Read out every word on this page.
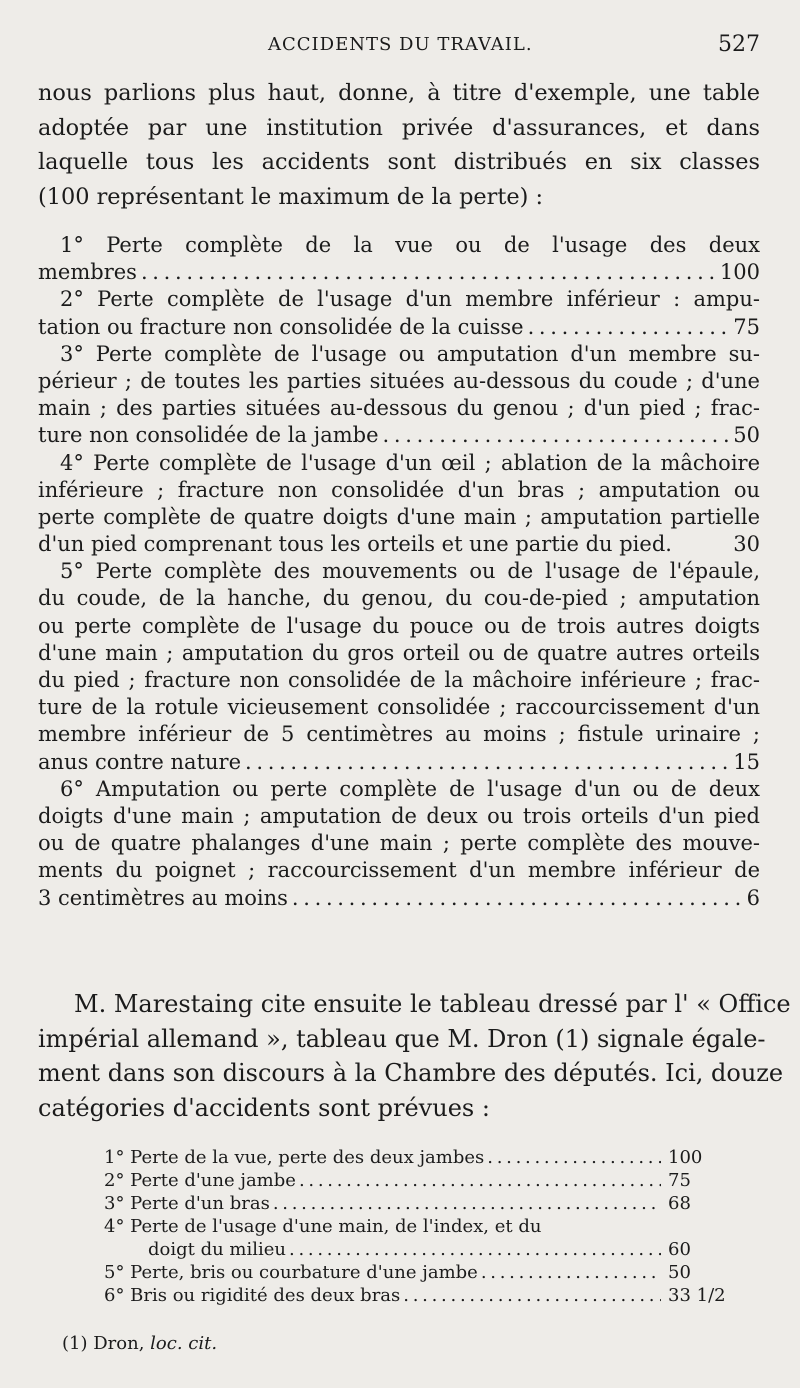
ACCIDENTS DU TRAVAIL.	527
nous parlions plus haut, donne, à titre d'exemple, une table
adoptée par une institution privée d'assurances, et dans
laquelle tous les accidents sont distribués en six classes
(100 représentant le maximum de la perte) :
1° Perte complète de la vue ou de l'usage des deux
membres . . .	100
2° Perte complète de l'usage d'un membre inférieur : ampu-
tation ou fracture non consolidée de la cuisse . . .	75
3° Perte complète de l'usage ou amputation d'un membre su-
périeur ; de toutes les parties situées au-dessous du coude ; d'une
main ; des parties situées au-dessous du genou ; d'un pied ; frac-
ture non consolidée de la jambe . . .	50
4° Perte complète de l'usage d'un œil ; ablation de la mâchoire
inférieure ; fracture non consolidée d'un bras ; amputation ou
perte complète de quatre doigts d'une main ; amputation partielle
d'un pied comprenant tous les orteils et une partie du pied.	30
5° Perte complète des mouvements ou de l'usage de l'épaule,
du coude, de la hanche, du genou, du cou-de-pied ; amputation
ou perte complète de l'usage du pouce ou de trois autres doigts
d'une main ; amputation du gros orteil ou de quatre autres orteils
du pied ; fracture non consolidée de la mâchoire inférieure ; frac-
ture de la rotule vicieusement consolidée ; raccourcissement d'un
membre inférieur de 5 centimètres au moins ; fistule urinaire ;
anus contre nature . . .	15
6° Amputation ou perte complète de l'usage d'un ou de deux
doigts d'une main ; amputation de deux ou trois orteils d'un pied
ou de quatre phalanges d'une main ; perte complète des mouve-
ments du poignet ; raccourcissement d'un membre inférieur de
3 centimètres au moins . . .	6
M. Marestaing cite ensuite le tableau dressé par l' « Office
impérial allemand », tableau que M. Dron (1) signale égale-
ment dans son discours à la Chambre des députés. Ici, douze
catégories d'accidents sont prévues :
1° Perte de la vue, perte des deux jambes . . .	100
2° Perte d'une jambe . . .	75
3° Perte d'un bras . . .	68
4° Perte de l'usage d'une main, de l'index, et du
doigt du milieu . . .	60
5° Perte, bris ou courbature d'une jambe . . .	50
6° Bris ou rigidité des deux bras . . .	33 1/2
(1) Dron, loc. cit.
